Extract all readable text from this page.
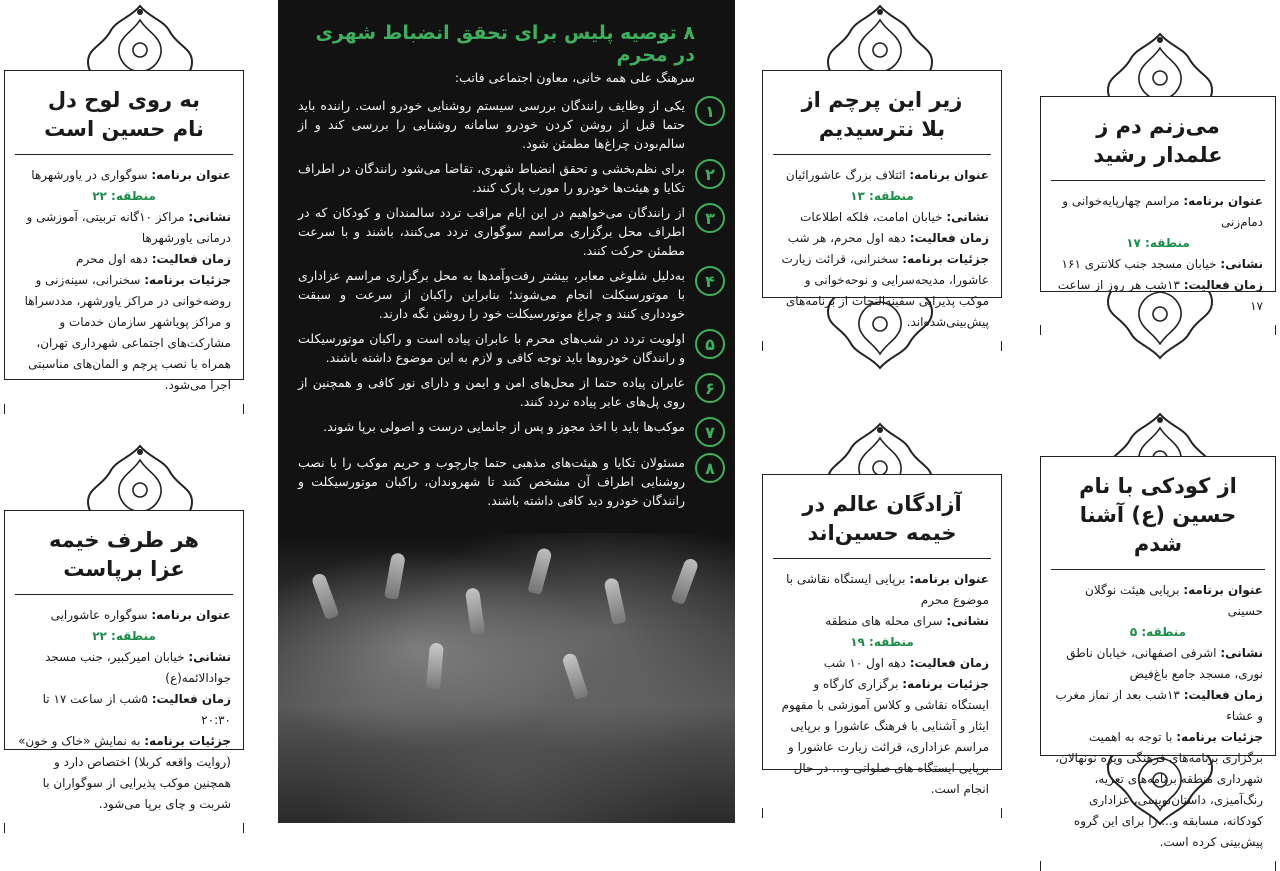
به روی لوح دل نام حسین است
عنوان برنامه: سوگواری در یاورشهرها
منطقه: ۲۲
نشانی: مراکز ۱۰گانه تربیتی، آموزشی و درمانی یاورشهرها
زمان فعالیت: دهه اول محرم
جزئیات برنامه: سخنرانی، سینه‌زنی و روضه‌خوانی در مراکز یاورشهر، مددسراها و مراکز پویاشهر سازمان خدمات و مشارکت‌های اجتماعی شهرداری تهران، همراه با نصب پرچم و المان‌های مناسبتی اجرا می‌شود.
هر طرف خیمه عزا برپاست
عنوان برنامه: سوگواره عاشورایی
منطقه: ۲۲
نشانی: خیابان امیرکبیر، جنب مسجد جوادالائمه(ع)
زمان فعالیت: ۵شب از ساعت ۱۷ تا ۲۰:۳۰
جزئیات برنامه: به نمایش «خاک و خون» (روایت واقعه کربلا) اختصاص دارد و همچنین موکب پذیرایی از سوگواران با شربت و چای برپا می‌شود.
۸ توصیه پلیس برای تحقق انضباط شهری در محرم
سرهنگ علی همه خانی، معاون اجتماعی فاتب:
۱
یکی از وظایف رانندگان بررسی سیستم روشنایی خودرو است. راننده باید حتما قبل از روشن کردن خودرو سامانه روشنایی را بررسی کند و از سالم‌بودن چراغ‌ها مطمئن شود.
۲
برای نظم‌بخشی و تحقق انضباط شهری، تقاضا می‌شود رانندگان در اطراف تکایا و هیئت‌ها خودرو را مورب پارک کنند.
۳
از رانندگان می‌خواهیم در این ایام مراقب تردد سالمندان و کودکان که در اطراف محل برگزاری مراسم سوگواری تردد می‌کنند، باشند و با سرعت مطمئن حرکت کنند.
۴
به‌دلیل شلوغی معابر، بیشتر رفت‌وآمدها به محل برگزاری مراسم عزاداری با موتورسیکلت انجام می‌شوند؛ بنابراین راکبان از سرعت و سبقت خودداری کنند و چراغ موتورسیکلت خود را روشن نگه دارند.
۵
اولویت تردد در شب‌های محرم با عابران پیاده است و راکبان موتورسیکلت و رانندگان خودروها باید توجه کافی و لازم به این موضوع داشته باشند.
۶
عابران پیاده حتما از محل‌های امن و ایمن و دارای نور کافی و همچنین از روی پل‌های عابر پیاده تردد کنند.
۷
موکب‌ها باید با اخذ مجوز و پس از جانمایی درست و اصولی برپا شوند.
۸
مسئولان تکایا و هیئت‌های مذهبی حتما چارچوب و حریم موکب را با نصب روشنایی اطراف آن مشخص کنند تا شهروندان، راکبان موتورسیکلت و رانندگان خودرو دید کافی داشته باشند.
زیر این پرچم از بلا نترسیدیم
عنوان برنامه: ائتلاف بزرگ عاشورائیان
منطقه: ۱۳
نشانی: خیابان امامت، فلکه اطلاعات
زمان فعالیت: دهه اول محرم، هر شب
جزئیات برنامه: سخنرانی، قرائت زیارت عاشورا، مدیحه‌سرایی و نوحه‌خوانی و موکب پذیرایی سفینه‌النجات از برنامه‌های پیش‌بینی‌شده‌اند.
آزادگان عالم در خیمه حسین‌اند
عنوان برنامه: برپایی ایستگاه نقاشی با موضوع محرم
نشانی: سرای محله های منطقه
منطقه: ۱۹
زمان فعالیت: دهه اول ۱۰ شب
جزئیات برنامه: برگزاری کارگاه و ایستگاه نقاشی و کلاس آموزشی با مفهوم ایثار و آشنایی با فرهنگ عاشورا و برپایی مراسم عزاداری، قرائت زیارت عاشورا و برپایی ایستگاه های صلواتی و... در حال انجام است.
می‌زنم دم ز علمدار رشید
عنوان برنامه: مراسم چهارپایه‌خوانی و دمام‌زنی
منطقه: ۱۷
نشانی: خیابان مسجد جنب کلانتری ۱۶۱
زمان فعالیت: ۱۳شب هر روز از ساعت ۱۷
از کودکی با نام حسین (ع) آشنا شدم
عنوان برنامه: برپایی هیئت نوگلان حسینی
منطقه: ۵
نشانی: اشرفی اصفهانی، خیابان ناطق نوری، مسجد جامع باغ‌فیض
زمان فعالیت: ۱۳شب بعد از نماز مغرب و عشاء
جزئیات برنامه: با توجه به اهمیت برگزاری برنامه‌های فرهنگی ویژه نونهالان، شهرداری منطقه برنامه‌های تعزیه، رنگ‌آمیزی، داستان‌نویسی، عزاداری کودکانه، مسابقه و... را برای این گروه پیش‌بینی کرده است.
